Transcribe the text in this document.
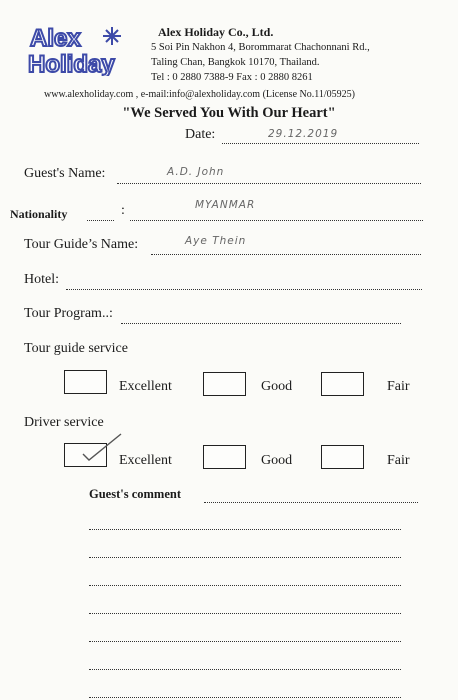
Alex
Holiday
Alex Holiday Co., Ltd.
5 Soi Pin Nakhon 4, Borommarat Chachonnani Rd.,
Taling Chan, Bangkok 10170, Thailand.
Tel : 0 2880 7388-9 Fax : 0 2880 8261
www.alexholiday.com , e-mail:info@alexholiday.com (License No.11/05925)
"We Served You With Our Heart"
Date:	29.12.2019
Guest's Name:	A.D. John
Nationality	:	MYANMAR
Tour Guide’s Name:	Aye Thein
Hotel:
Tour Program..:
Tour guide service
Excellent	Good	Fair
Driver service
Excellent	Good	Fair
Guest's comment
